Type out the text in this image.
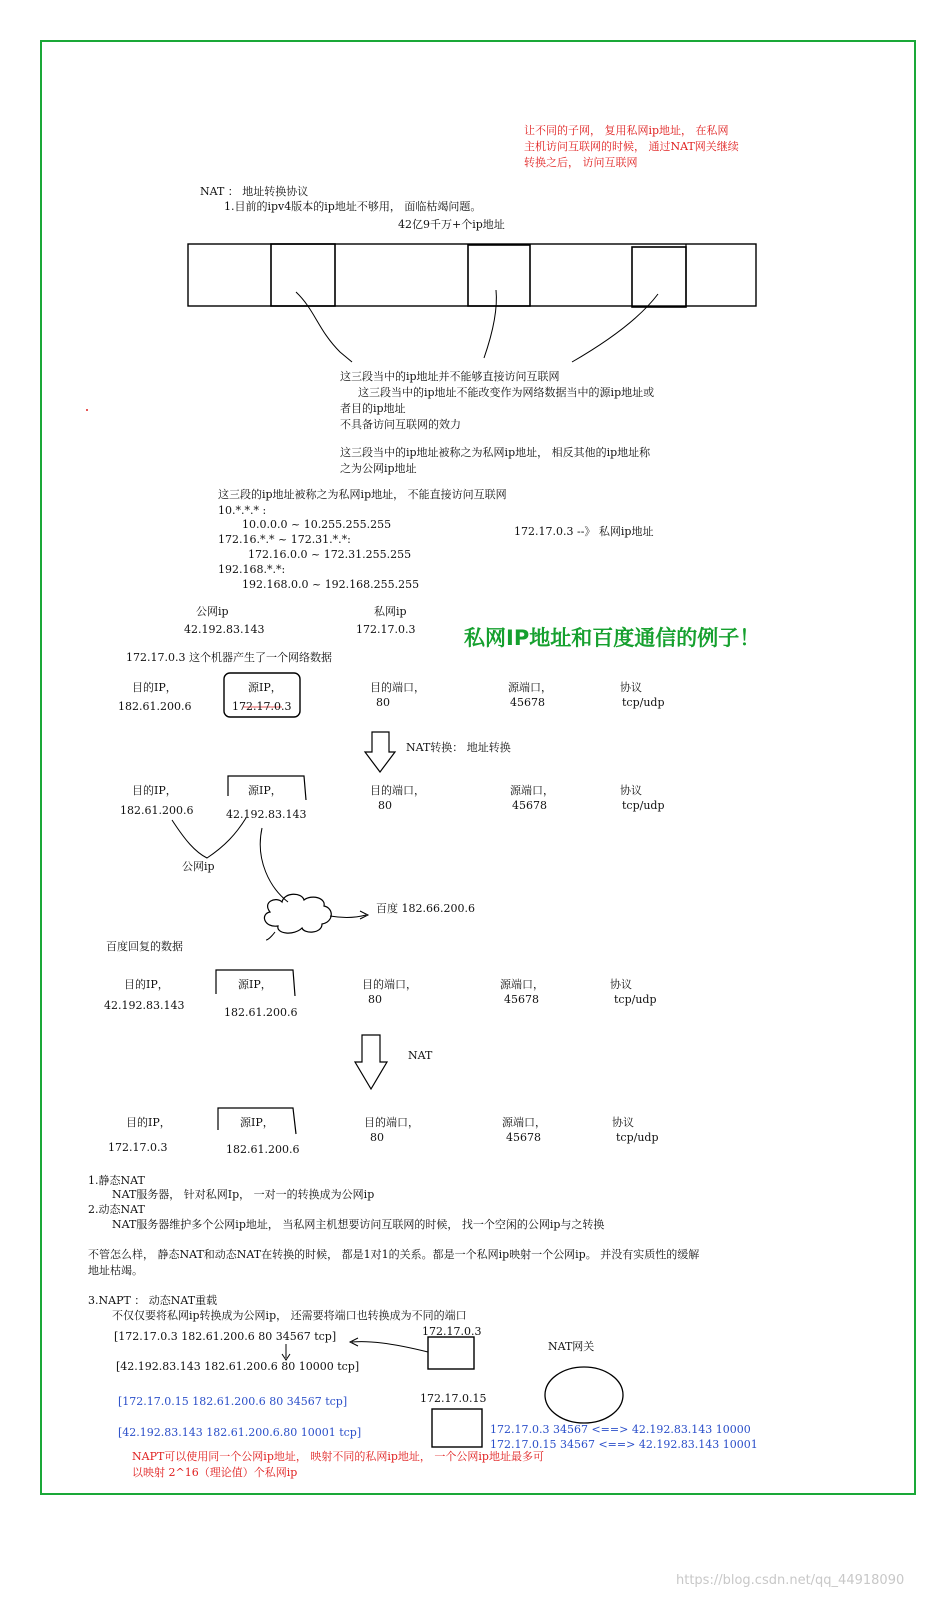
让不同的子网， 复用私网ip地址， 在私网
主机访问互联网的时候， 通过NAT网关继续
转换之后， 访问互联网
NAT ： 地址转换协议
1.目前的ipv4版本的ip地址不够用， 面临枯竭问题。
42亿9千万+个ip地址
这三段当中的ip地址并不能够直接访问互联网
这三段当中的ip地址不能改变作为网络数据当中的源ip地址或
者目的ip地址
不具备访问互联网的效力
这三段当中的ip地址被称之为私网ip地址， 相反其他的ip地址称
之为公网ip地址
这三段的ip地址被称之为私网ip地址， 不能直接访问互联网
10.*.*.* :
10.0.0.0 ~ 10.255.255.255
172.16.*.* ~ 172.31.*.*:
172.16.0.0 ~ 172.31.255.255
192.168.*.*:
192.168.0.0 ~ 192.168.255.255
172.17.0.3 --》 私网ip地址
公网ip
42.192.83.143
私网ip
172.17.0.3 私网IP地址和百度通信的例子！
172.17.0.3 这个机器产生了一个网络数据
目的IP，
182.61.200.6
源IP，
172.17.0.3
目的端口，
80
源端口，
45678
协议
tcp/udp
NAT转换： 地址转换
目的IP，
182.61.200.6
源IP，
42.192.83.143
目的端口，
80
源端口，
45678
协议
tcp/udp
公网ip
百度 182.66.200.6
百度回复的数据
目的IP，
42.192.83.143
源IP，
182.61.200.6
目的端口，
80
源端口，
45678
协议
tcp/udp
NAT
目的IP，
172.17.0.3
源IP，
182.61.200.6
目的端口，
80
源端口，
45678
协议
tcp/udp
1.静态NAT
NAT服务器， 针对私网Ip， 一对一的转换成为公网ip
2.动态NAT
NAT服务器维护多个公网ip地址， 当私网主机想要访问互联网的时候， 找一个空闲的公网ip与之转换
不管怎么样， 静态NAT和动态NAT在转换的时候， 都是1对1的关系。都是一个私网ip映射一个公网ip。 并没有实质性的缓解
地址枯竭。
3.NAPT ： 动态NAT重载
不仅仅要将私网ip转换成为公网ip， 还需要将端口也转换成为不同的端口
[172.17.0.3 182.61.200.6 80 34567 tcp]
[42.192.83.143 182.61.200.6 80 10000 tcp]
[172.17.0.15 182.61.200.6 80 34567 tcp]
[42.192.83.143 182.61.200.6.80 10001 tcp]
172.17.0.3
172.17.0.15
NAT网关
172.17.0.3 34567 <==> 42.192.83.143 10000
172.17.0.15 34567 <==> 42.192.83.143 10001
NAPT可以使用同一个公网ip地址， 映射不同的私网ip地址， 一个公网ip地址最多可
以映射 2^16（理论值）个私网ip
https://blog.csdn.net/qq_44918090
